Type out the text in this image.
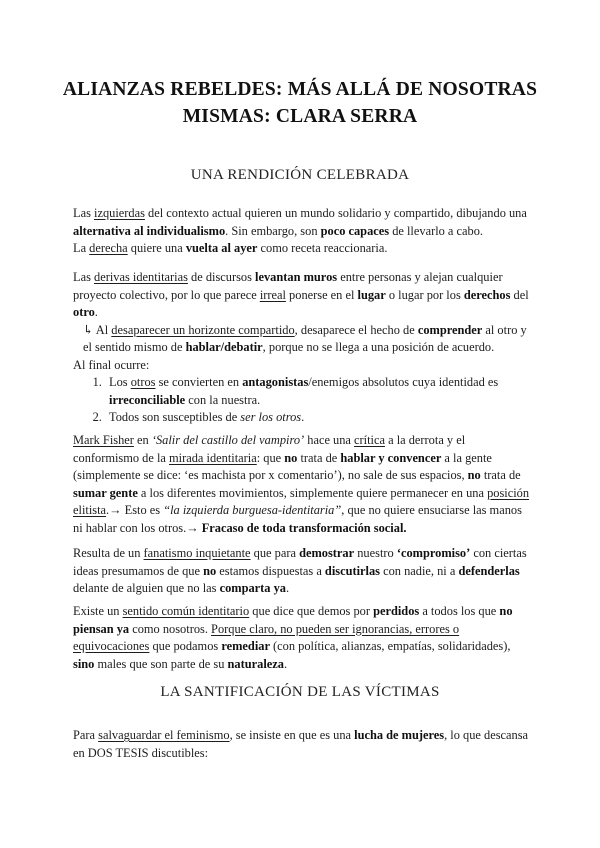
ALIANZAS REBELDES: MÁS ALLÁ DE NOSOTRAS MISMAS: CLARA SERRA
UNA RENDICIÓN CELEBRADA

Las izquierdas del contexto actual quieren un mundo solidario y compartido, dibujando una alternativa al individualismo. Sin embargo, son poco capaces de llevarlo a cabo.

La derecha quiere una vuelta al ayer como receta reaccionaria.

Las derivas identitarias de discursos levantan muros entre personas y alejan cualquier proyecto colectivo, por lo que parece irreal ponerse en el lugar o lugar por los derechos del otro.

↳ Al desaparecer un horizonte compartido, desaparece el hecho de comprender al otro y el sentido mismo de hablar/debatir, porque no se llega a una posición de acuerdo.

Al final ocurre:

1. Los otros se convierten en antagonistas/enemigos absolutos cuya identidad es irreconciliable con la nuestra.
2. Todos son susceptibles de ser los otros.

Mark Fisher en ‘Salir del castillo del vampiro’ hace una crítica a la derrota y el conformismo de la mirada identitaria: que no trata de hablar y convencer a la gente (simplemente se dice: ‘es machista por x comentario’), no sale de sus espacios, no trata de sumar gente a los diferentes movimientos, simplemente quiere permanecer en una posición elitista.→ Esto es “la izquierda burguesa-identitaria”, que no quiere ensuciarse las manos ni hablar con los otros.→ Fracaso de toda transformación social.

Resulta de un fanatismo inquietante que para demostrar nuestro ‘compromiso’ con ciertas ideas presumamos de que no estamos dispuestas a discutirlas con nadie, ni a defenderlas delante de alguien que no las comparta ya.

Existe un sentido común identitario que dice que demos por perdidos a todos los que no piensan ya como nosotros. Porque claro, no pueden ser ignorancias, errores o equivocaciones que podamos remediar (con política, alianzas, empatías, solidaridades), sino males que son parte de su naturaleza.

LA SANTIFICACIÓN DE LAS VÍCTIMAS

Para salvaguardar el feminismo, se insiste en que es una lucha de mujeres, lo que descansa en DOS TESIS discutibles:
